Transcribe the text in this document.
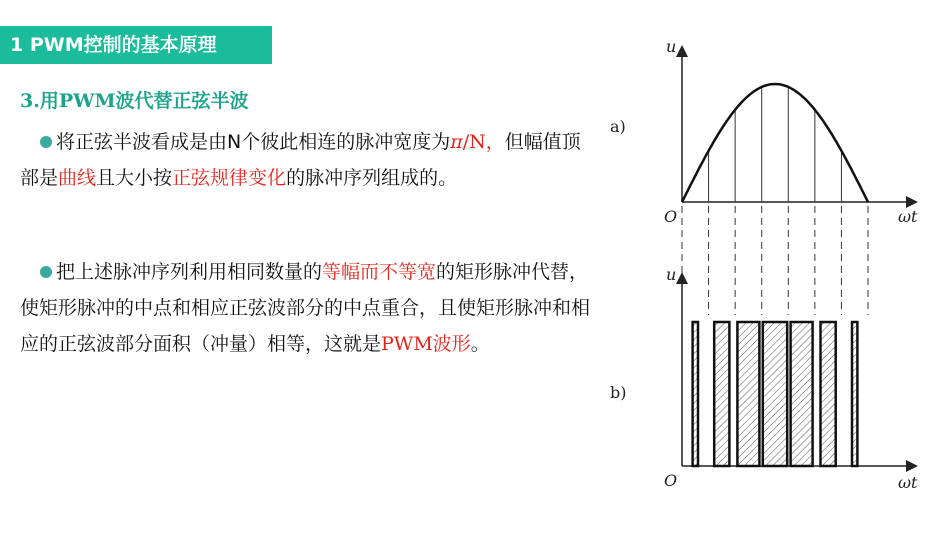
1 PWM控制的基本原理
3.用PWM波代替正弦半波
将正弦半波看成是由N个彼此相连的脉冲宽度为π/N，但幅值顶部是曲线且大小按正弦规律变化的脉冲序列组成的。
把上述脉冲序列利用相同数量的等幅而不等宽的矩形脉冲代替，使矩形脉冲的中点和相应正弦波部分的中点重合，且使矩形脉冲和相应的正弦波部分面积（冲量）相等，这就是PWM波形。
u
ωt
O
a)
u
ωt
O
b)
